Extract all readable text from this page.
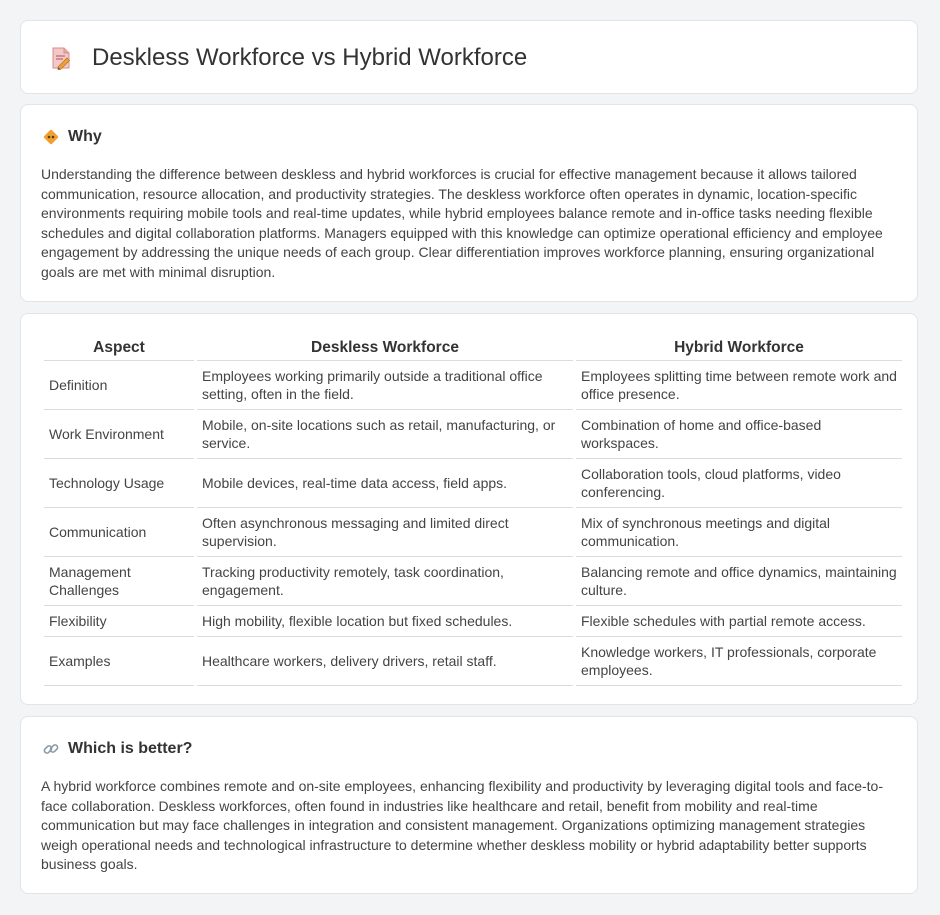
Deskless Workforce vs Hybrid Workforce
Why

Understanding the difference between deskless and hybrid workforces is crucial for effective management because it allows tailored communication, resource allocation, and productivity strategies. The deskless workforce often operates in dynamic, location-specific environments requiring mobile tools and real-time updates, while hybrid employees balance remote and in-office tasks needing flexible schedules and digital collaboration platforms. Managers equipped with this knowledge can optimize operational efficiency and employee engagement by addressing the unique needs of each group. Clear differentiation improves workforce planning, ensuring organizational goals are met with minimal disruption.

Aspect	Deskless Workforce	Hybrid Workforce
Definition	Employees working primarily outside a traditional office setting, often in the field.	Employees splitting time between remote work and office presence.
Work Environment	Mobile, on-site locations such as retail, manufacturing, or service.	Combination of home and office-based workspaces.
Technology Usage	Mobile devices, real-time data access, field apps.	Collaboration tools, cloud platforms, video conferencing.
Communication	Often asynchronous messaging and limited direct supervision.	Mix of synchronous meetings and digital communication.
Management Challenges	Tracking productivity remotely, task coordination, engagement.	Balancing remote and office dynamics, maintaining culture.
Flexibility	High mobility, flexible location but fixed schedules.	Flexible schedules with partial remote access.
Examples	Healthcare workers, delivery drivers, retail staff.	Knowledge workers, IT professionals, corporate employees.
Which is better?

A hybrid workforce combines remote and on-site employees, enhancing flexibility and productivity by leveraging digital tools and face-to-face collaboration. Deskless workforces, often found in industries like healthcare and retail, benefit from mobility and real-time communication but may face challenges in integration and consistent management. Organizations optimizing management strategies weigh operational needs and technological infrastructure to determine whether deskless mobility or hybrid adaptability better supports business goals.
